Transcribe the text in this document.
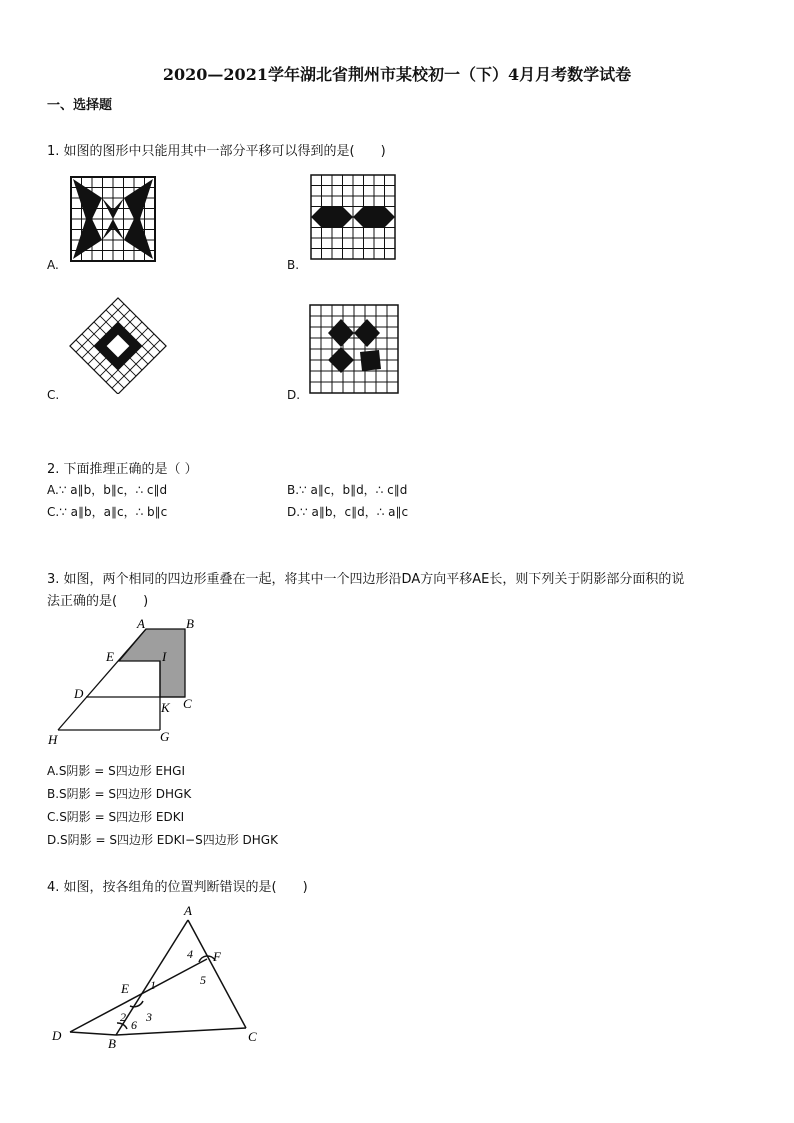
2020—2021学年湖北省荆州市某校初一（下）4月月考数学试卷
一、选择题
1. 如图的图形中只能用其中一部分平移可以得到的是(　　)
A.	B.
C.	D.
2. 下面推理正确的是（ ）
A.∵ a∥b，b∥c，∴ c∥d	B.∵ a∥c，b∥d，∴ c∥d
C.∵ a∥b，a∥c，∴ b∥c	D.∵ a∥b，c∥d，∴ a∥c
3. 如图，两个相同的四边形重叠在一起，将其中一个四边形沿DA方向平移AE长，则下列关于阴影部分面积的说
法正确的是(　　)
A	B
E	I
D
C
K
H	G
A.S阴影 = S四边形 EHGI
B.S阴影 = S四边形 DHGK
C.S阴影 = S四边形 EDKI
D.S阴影 = S四边形 EDKI−S四边形 DHGK
4. 如图，按各组角的位置判断错误的是(　　)
A
F
E
D
B	C
1
2 3
4
5
6
